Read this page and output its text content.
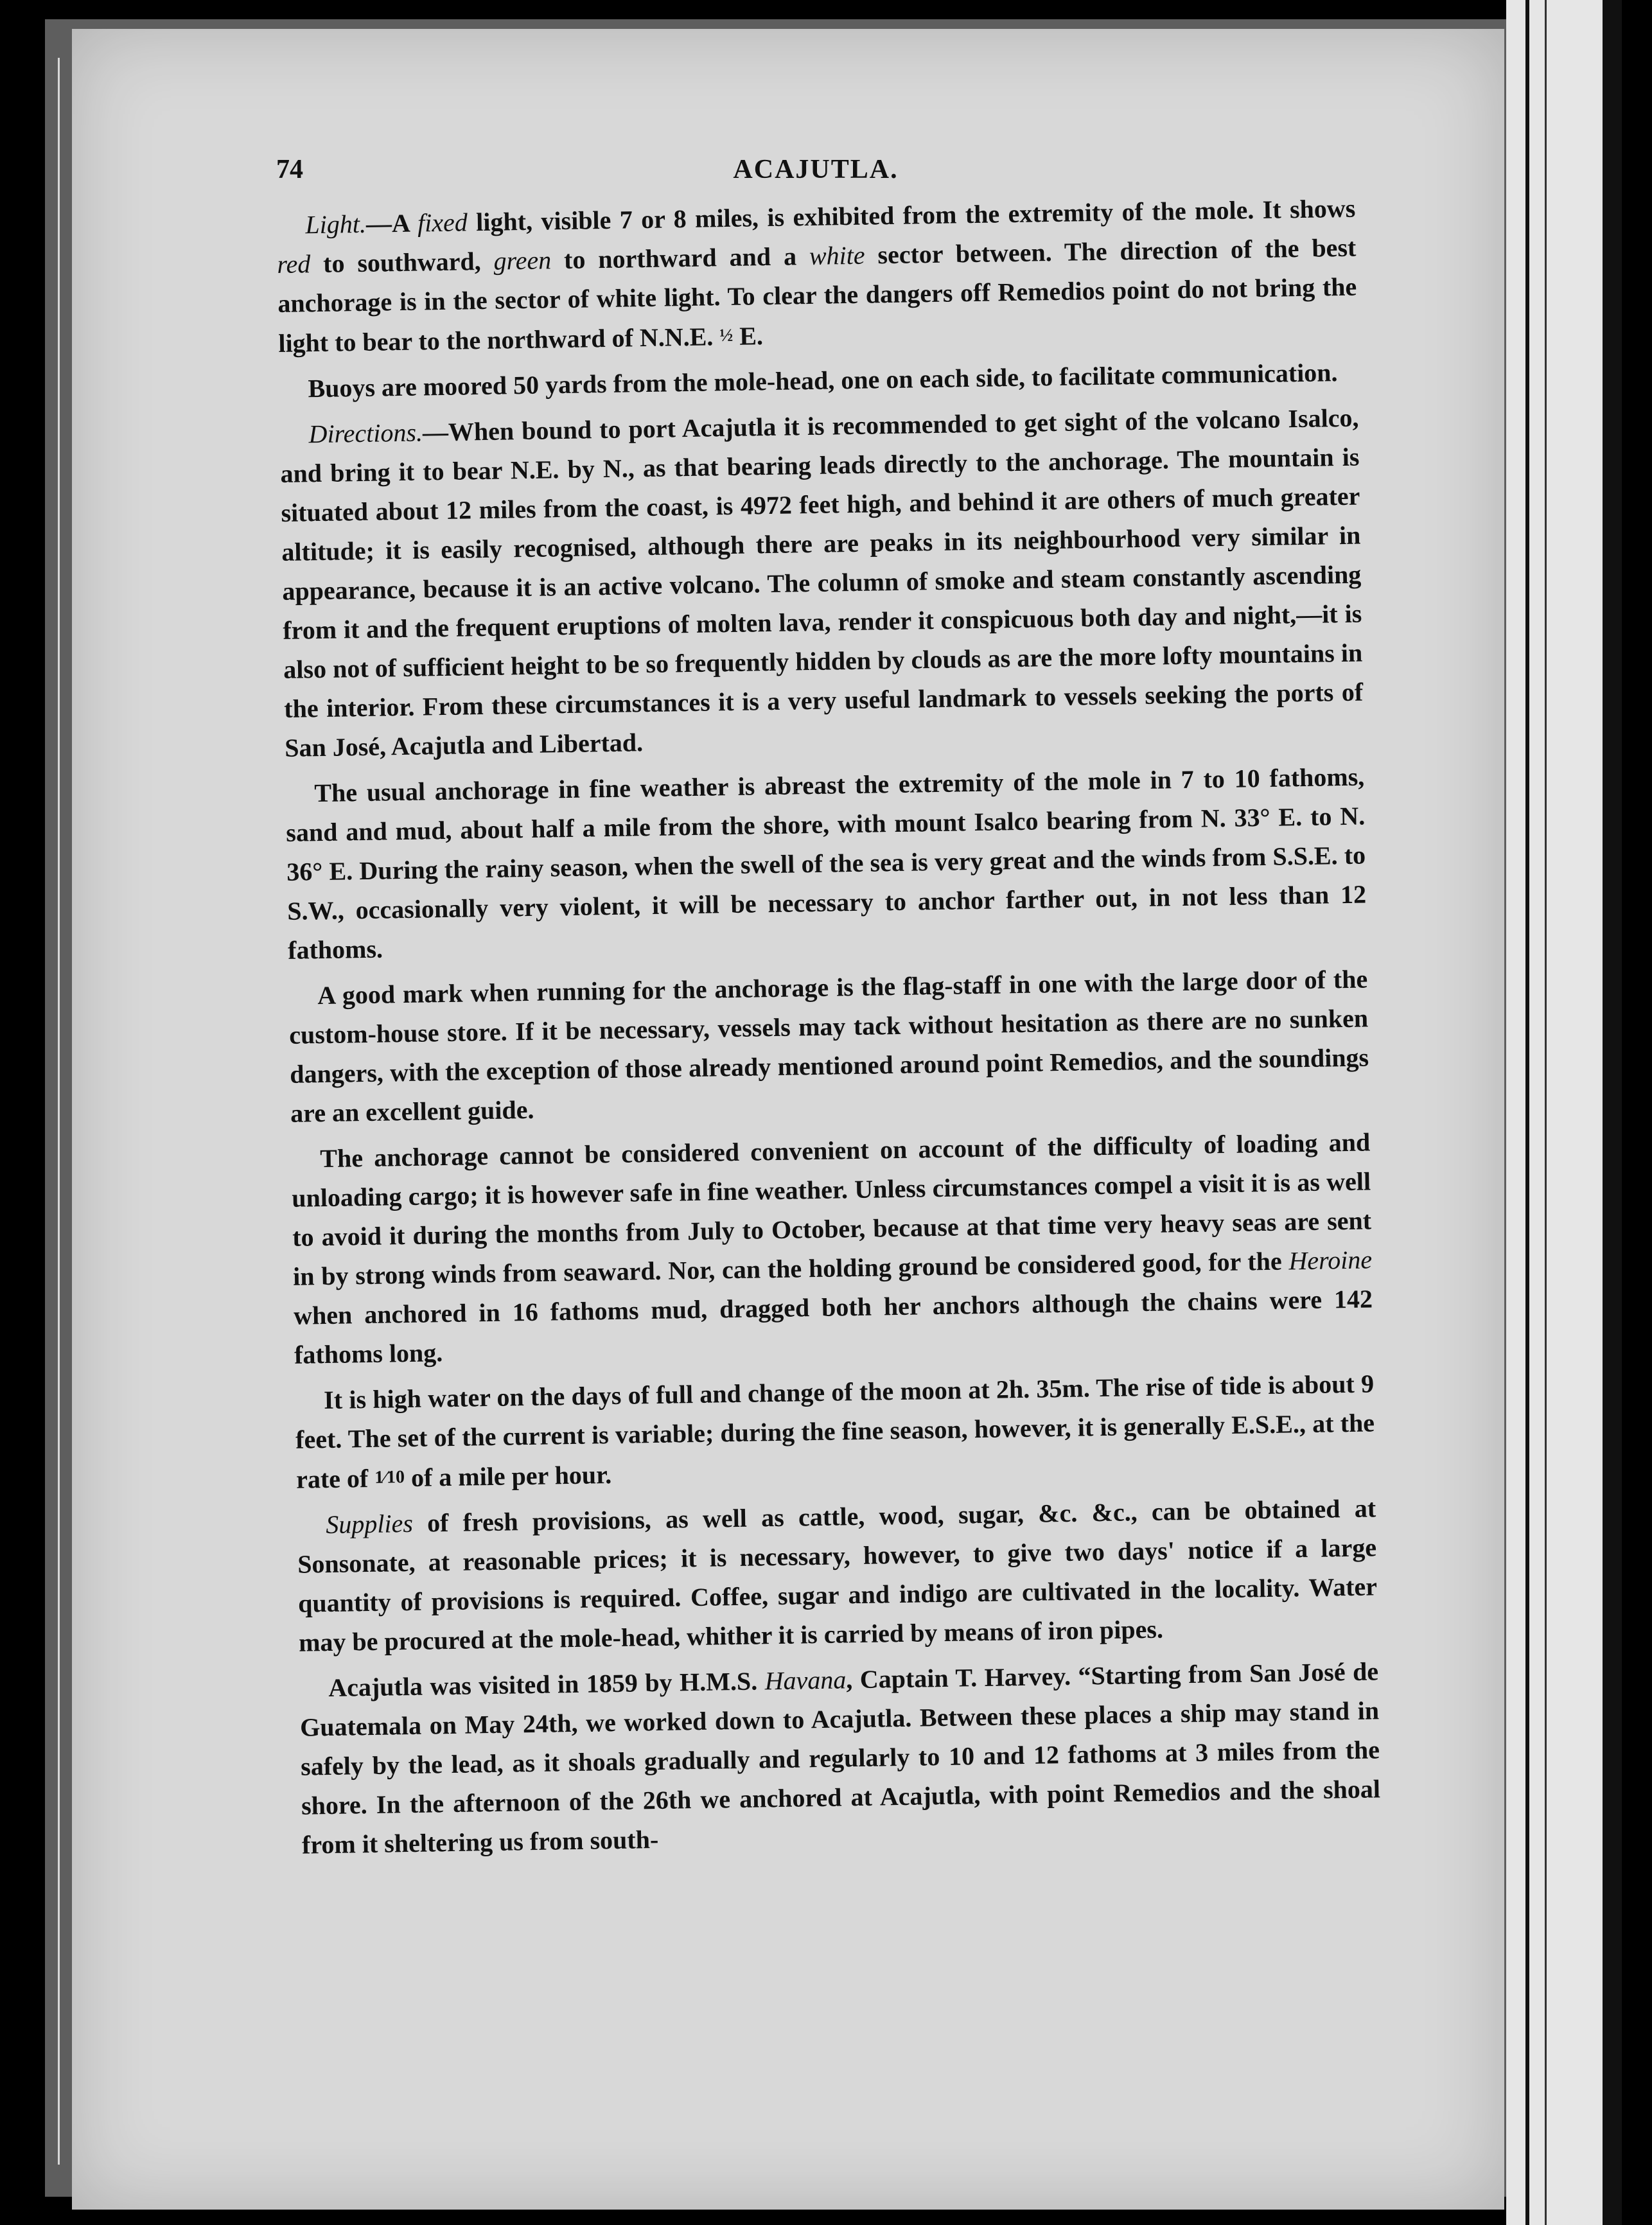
74	ACAJUTLA.

Light.—A fixed light, visible 7 or 8 miles, is exhibited from the extremity of the mole. It shows red to southward, green to northward and a white sector between. The direction of the best anchorage is in the sector of white light. To clear the dangers off Remedios point do not bring the light to bear to the northward of N.N.E. ½ E.

Buoys are moored 50 yards from the mole-head, one on each side, to facilitate communication.

Directions.—When bound to port Acajutla it is recommended to get sight of the volcano Isalco, and bring it to bear N.E. by N., as that bearing leads directly to the anchorage. The mountain is situated about 12 miles from the coast, is 4972 feet high, and behind it are others of much greater altitude; it is easily recognised, although there are peaks in its neighbourhood very similar in appearance, because it is an active volcano. The column of smoke and steam constantly ascending from it and the frequent eruptions of molten lava, render it conspicuous both day and night,—it is also not of sufficient height to be so frequently hidden by clouds as are the more lofty mountains in the interior. From these circumstances it is a very useful landmark to vessels seeking the ports of San José, Acajutla and Libertad.

The usual anchorage in fine weather is abreast the extremity of the mole in 7 to 10 fathoms, sand and mud, about half a mile from the shore, with mount Isalco bearing from N. 33° E. to N. 36° E. During the rainy season, when the swell of the sea is very great and the winds from S.S.E. to S.W., occasionally very violent, it will be necessary to anchor farther out, in not less than 12 fathoms.

A good mark when running for the anchorage is the flag-staff in one with the large door of the custom-house store. If it be necessary, vessels may tack without hesitation as there are no sunken dangers, with the exception of those already mentioned around point Remedios, and the soundings are an excellent guide.

The anchorage cannot be considered convenient on account of the difficulty of loading and unloading cargo; it is however safe in fine weather. Unless circumstances compel a visit it is as well to avoid it during the months from July to October, because at that time very heavy seas are sent in by strong winds from seaward. Nor, can the holding ground be considered good, for the Heroine when anchored in 16 fathoms mud, dragged both her anchors although the chains were 142 fathoms long.

It is high water on the days of full and change of the moon at 2h. 35m. The rise of tide is about 9 feet. The set of the current is variable; during the fine season, however, it is generally E.S.E., at the rate of 1⁄10 of a mile per hour.

Supplies of fresh provisions, as well as cattle, wood, sugar, &c. &c., can be obtained at Sonsonate, at reasonable prices; it is necessary, however, to give two days' notice if a large quantity of provisions is required. Coffee, sugar and indigo are cultivated in the locality. Water may be procured at the mole-head, whither it is carried by means of iron pipes.

Acajutla was visited in 1859 by H.M.S. Havana, Captain T. Harvey. “Starting from San José de Guatemala on May 24th, we worked down to Acajutla. Between these places a ship may stand in safely by the lead, as it shoals gradually and regularly to 10 and 12 fathoms at 3 miles from the shore. In the afternoon of the 26th we anchored at Acajutla, with point Remedios and the shoal from it sheltering us from south-
